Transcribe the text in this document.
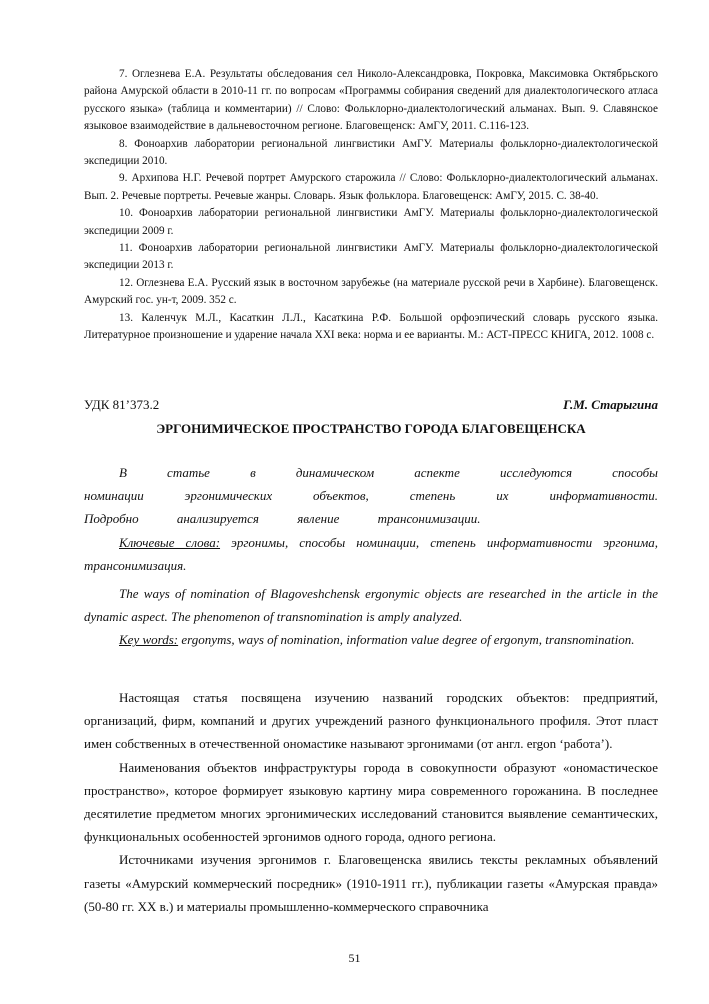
7. Оглезнева Е.А. Результаты обследования сел Николо-Александровка, Покровка, Максимовка Октябрьского района Амурской области в 2010-11 гг. по вопросам «Программы собирания сведений для диалектологического атласа русского языка» (таблица и комментарии) // Слово: Фольклорно-диалектологический альманах. Вып. 9. Славянское языковое взаимодействие в дальневосточном регионе. Благовещенск: АмГУ, 2011. С.116-123.

8. Фоноархив лаборатории региональной лингвистики АмГУ. Материалы фольклорно-диалектологической экспедиции 2010.

9. Архипова Н.Г. Речевой портрет Амурского старожила // Слово: Фольклорно-диалектологический альманах. Вып. 2. Речевые портреты. Речевые жанры. Словарь. Язык фольклора. Благовещенск: АмГУ, 2015. С. 38-40.

10. Фоноархив лаборатории региональной лингвистики АмГУ. Материалы фольклорно-диалектологической экспедиции 2009 г.

11. Фоноархив лаборатории региональной лингвистики АмГУ. Материалы фольклорно-диалектологической экспедиции 2013 г.

12. Оглезнева Е.А. Русский язык в восточном зарубежье (на материале русской речи в Харбине). Благовещенск. Амурский гос. ун-т, 2009. 352 с.

13. Каленчук М.Л., Касаткин Л.Л., Касаткина Р.Ф. Большой орфоэпический словарь русского языка. Литературное произношение и ударение начала XXI века: норма и ее варианты. М.: АСТ-ПРЕСС КНИГА, 2012. 1008 с.

УДК 81’373.2	Г.М. Старыгина
ЭРГОНИМИЧЕСКОЕ ПРОСТРАНСТВО ГОРОДА БЛАГОВЕЩЕНСКА

В статье в динамическом аспекте исследуются способы номинации эргонимических объектов, степень их информативности. Подробно анализируется явление трансонимизации.

Ключевые слова: эргонимы, способы номинации, степень информативности эргонима, трансонимизация.

The ways of nomination of Blagoveshchensk ergonymic objects are researched in the article in the dynamic aspect. The phenomenon of transnomination is amply analyzed.

Key words: ergonyms, ways of nomination, information value degree of ergonym, transnomination.

Настоящая статья посвящена изучению названий городских объектов: предприятий, организаций, фирм, компаний и других учреждений разного функционального профиля. Этот пласт имен собственных в отечественной ономастике называют эргонимами (от англ. ergon ‘работа’).

Наименования объектов инфраструктуры города в совокупности образуют «ономастическое пространство», которое формирует языковую картину мира современного горожанина. В последнее десятилетие предметом многих эргонимических исследований становится выявление семантических, функциональных особенностей эргонимов одного города, одного региона.

Источниками изучения эргонимов г. Благовещенска явились тексты рекламных объявлений газеты «Амурский коммерческий посредник» (1910-1911 гг.), публикации газеты «Амурская правда» (50-80 гг. XX в.) и материалы промышленно-коммерческого справочника

51
